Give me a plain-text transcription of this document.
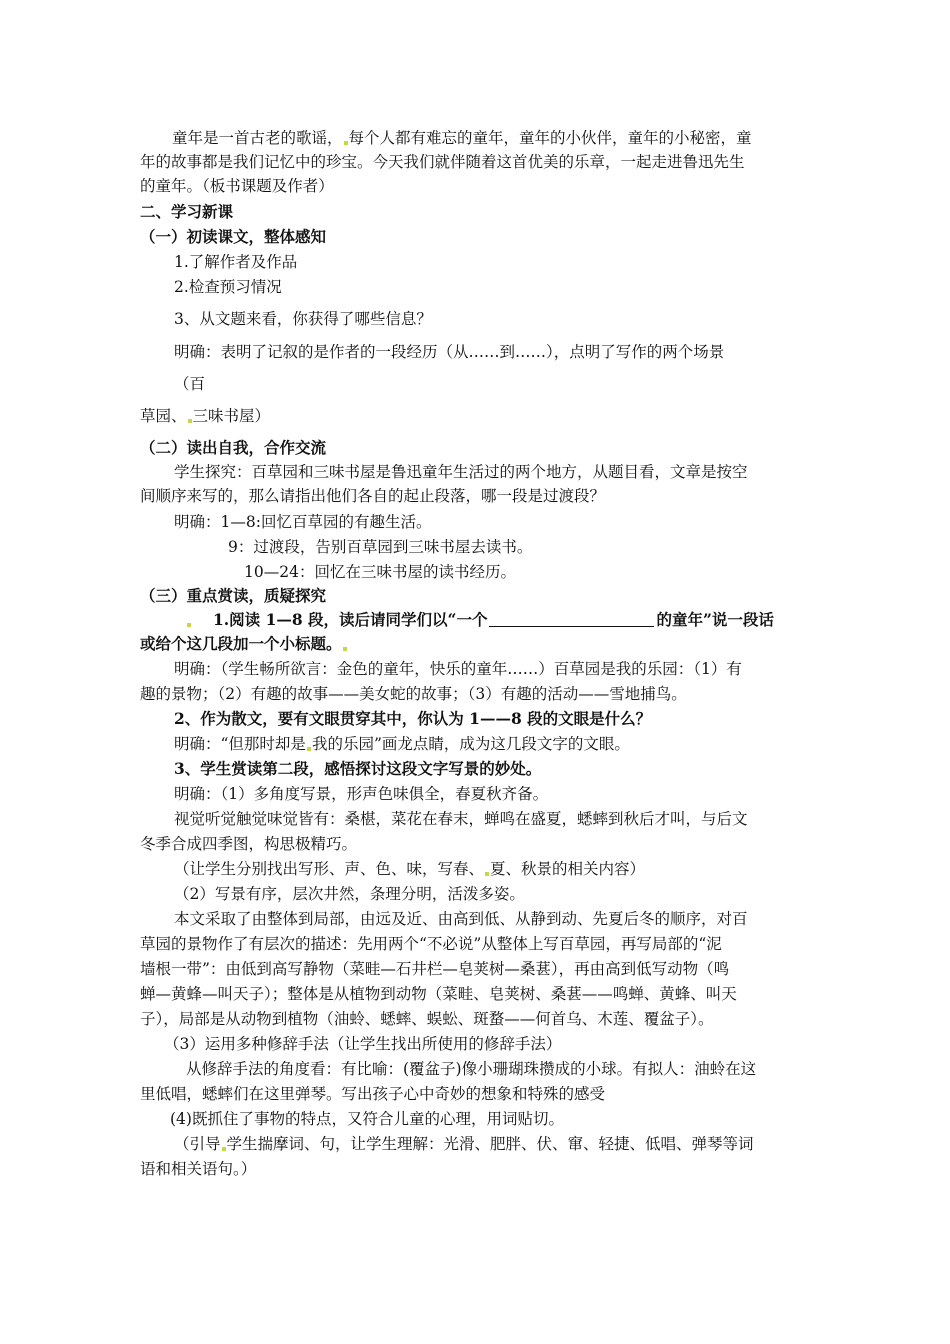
童年是一首古老的歌谣， 每个人都有难忘的童年，童年的小伙伴，童年的小秘密，童
年的故事都是我们记忆中的珍宝。今天我们就伴随着这首优美的乐章，一起走进鲁迅先生
的童年。（板书课题及作者）
二、学习新课
（一）初读课文，整体感知
1.了解作者及作品
2.检查预习情况
3、从文题来看，你获得了哪些信息？
明确：表明了记叙的是作者的一段经历（从……到……），点明了写作的两个场景
（百
草园、 三味书屋）
（二）读出自我，合作交流
学生探究：百草园和三味书屋是鲁迅童年生活过的两个地方，从题目看，文章是按空
间顺序来写的，那么请指出他们各自的起止段落，哪一段是过渡段？
明确：1—8:回忆百草园的有趣生活。
9：过渡段，告别百草园到三味书屋去读书。
10—24：回忆在三味书屋的读书经历。
（三）重点赏读，质疑探究
1.阅读 1—8 段，读后请同学们以“一个	的童年”说一段话
或给个这几段加一个小标题。
明确：（学生畅所欲言：金色的童年，快乐的童年……）百草园是我的乐园：（1）有
趣的景物；（2）有趣的故事——美女蛇的故事；（3）有趣的活动——雪地捕鸟。
2、作为散文，要有文眼贯穿其中，你认为 1——8 段的文眼是什么？
明确：“但那时却是 我的乐园”画龙点睛，成为这几段文字的文眼。
3、学生赏读第二段，感悟探讨这段文字写景的妙处。
明确：（1）多角度写景，形声色味俱全，春夏秋齐备。
视觉听觉触觉味觉皆有：桑椹，菜花在春末，蝉鸣在盛夏，蟋蟀到秋后才叫，与后文
冬季合成四季图，构思极精巧。
（让学生分别找出写形、声、色、味，写春、 夏、秋景的相关内容）
（2）写景有序，层次井然，条理分明，活泼多姿。
本文采取了由整体到局部，由远及近、由高到低、从静到动、先夏后冬的顺序，对百
草园的景物作了有层次的描述：先用两个“不必说”从整体上写百草园，再写局部的“泥
墙根一带”：由低到高写静物（菜畦—石井栏—皂荚树—桑葚），再由高到低写动物（鸣
蝉—黄蜂—叫天子）；整体是从植物到动物（菜畦、皂荚树、桑葚——鸣蝉、黄蜂、叫天
子），局部是从动物到植物（油蛉、蟋蟀、蜈蚣、斑蝥——何首乌、木莲、覆盆子）。
（3）运用多种修辞手法（让学生找出所使用的修辞手法）
从修辞手法的角度看：有比喻：(覆盆子)像小珊瑚珠攒成的小球。有拟人：油蛉在这
里低唱，蟋蟀们在这里弹琴。写出孩子心中奇妙的想象和特殊的感受
(4)既抓住了事物的特点，又符合儿童的心理，用词贴切。
（引导 学生揣摩词、句，让学生理解：光滑、肥胖、伏、窜、轻捷、低唱、弹琴等词
语和相关语句。）
